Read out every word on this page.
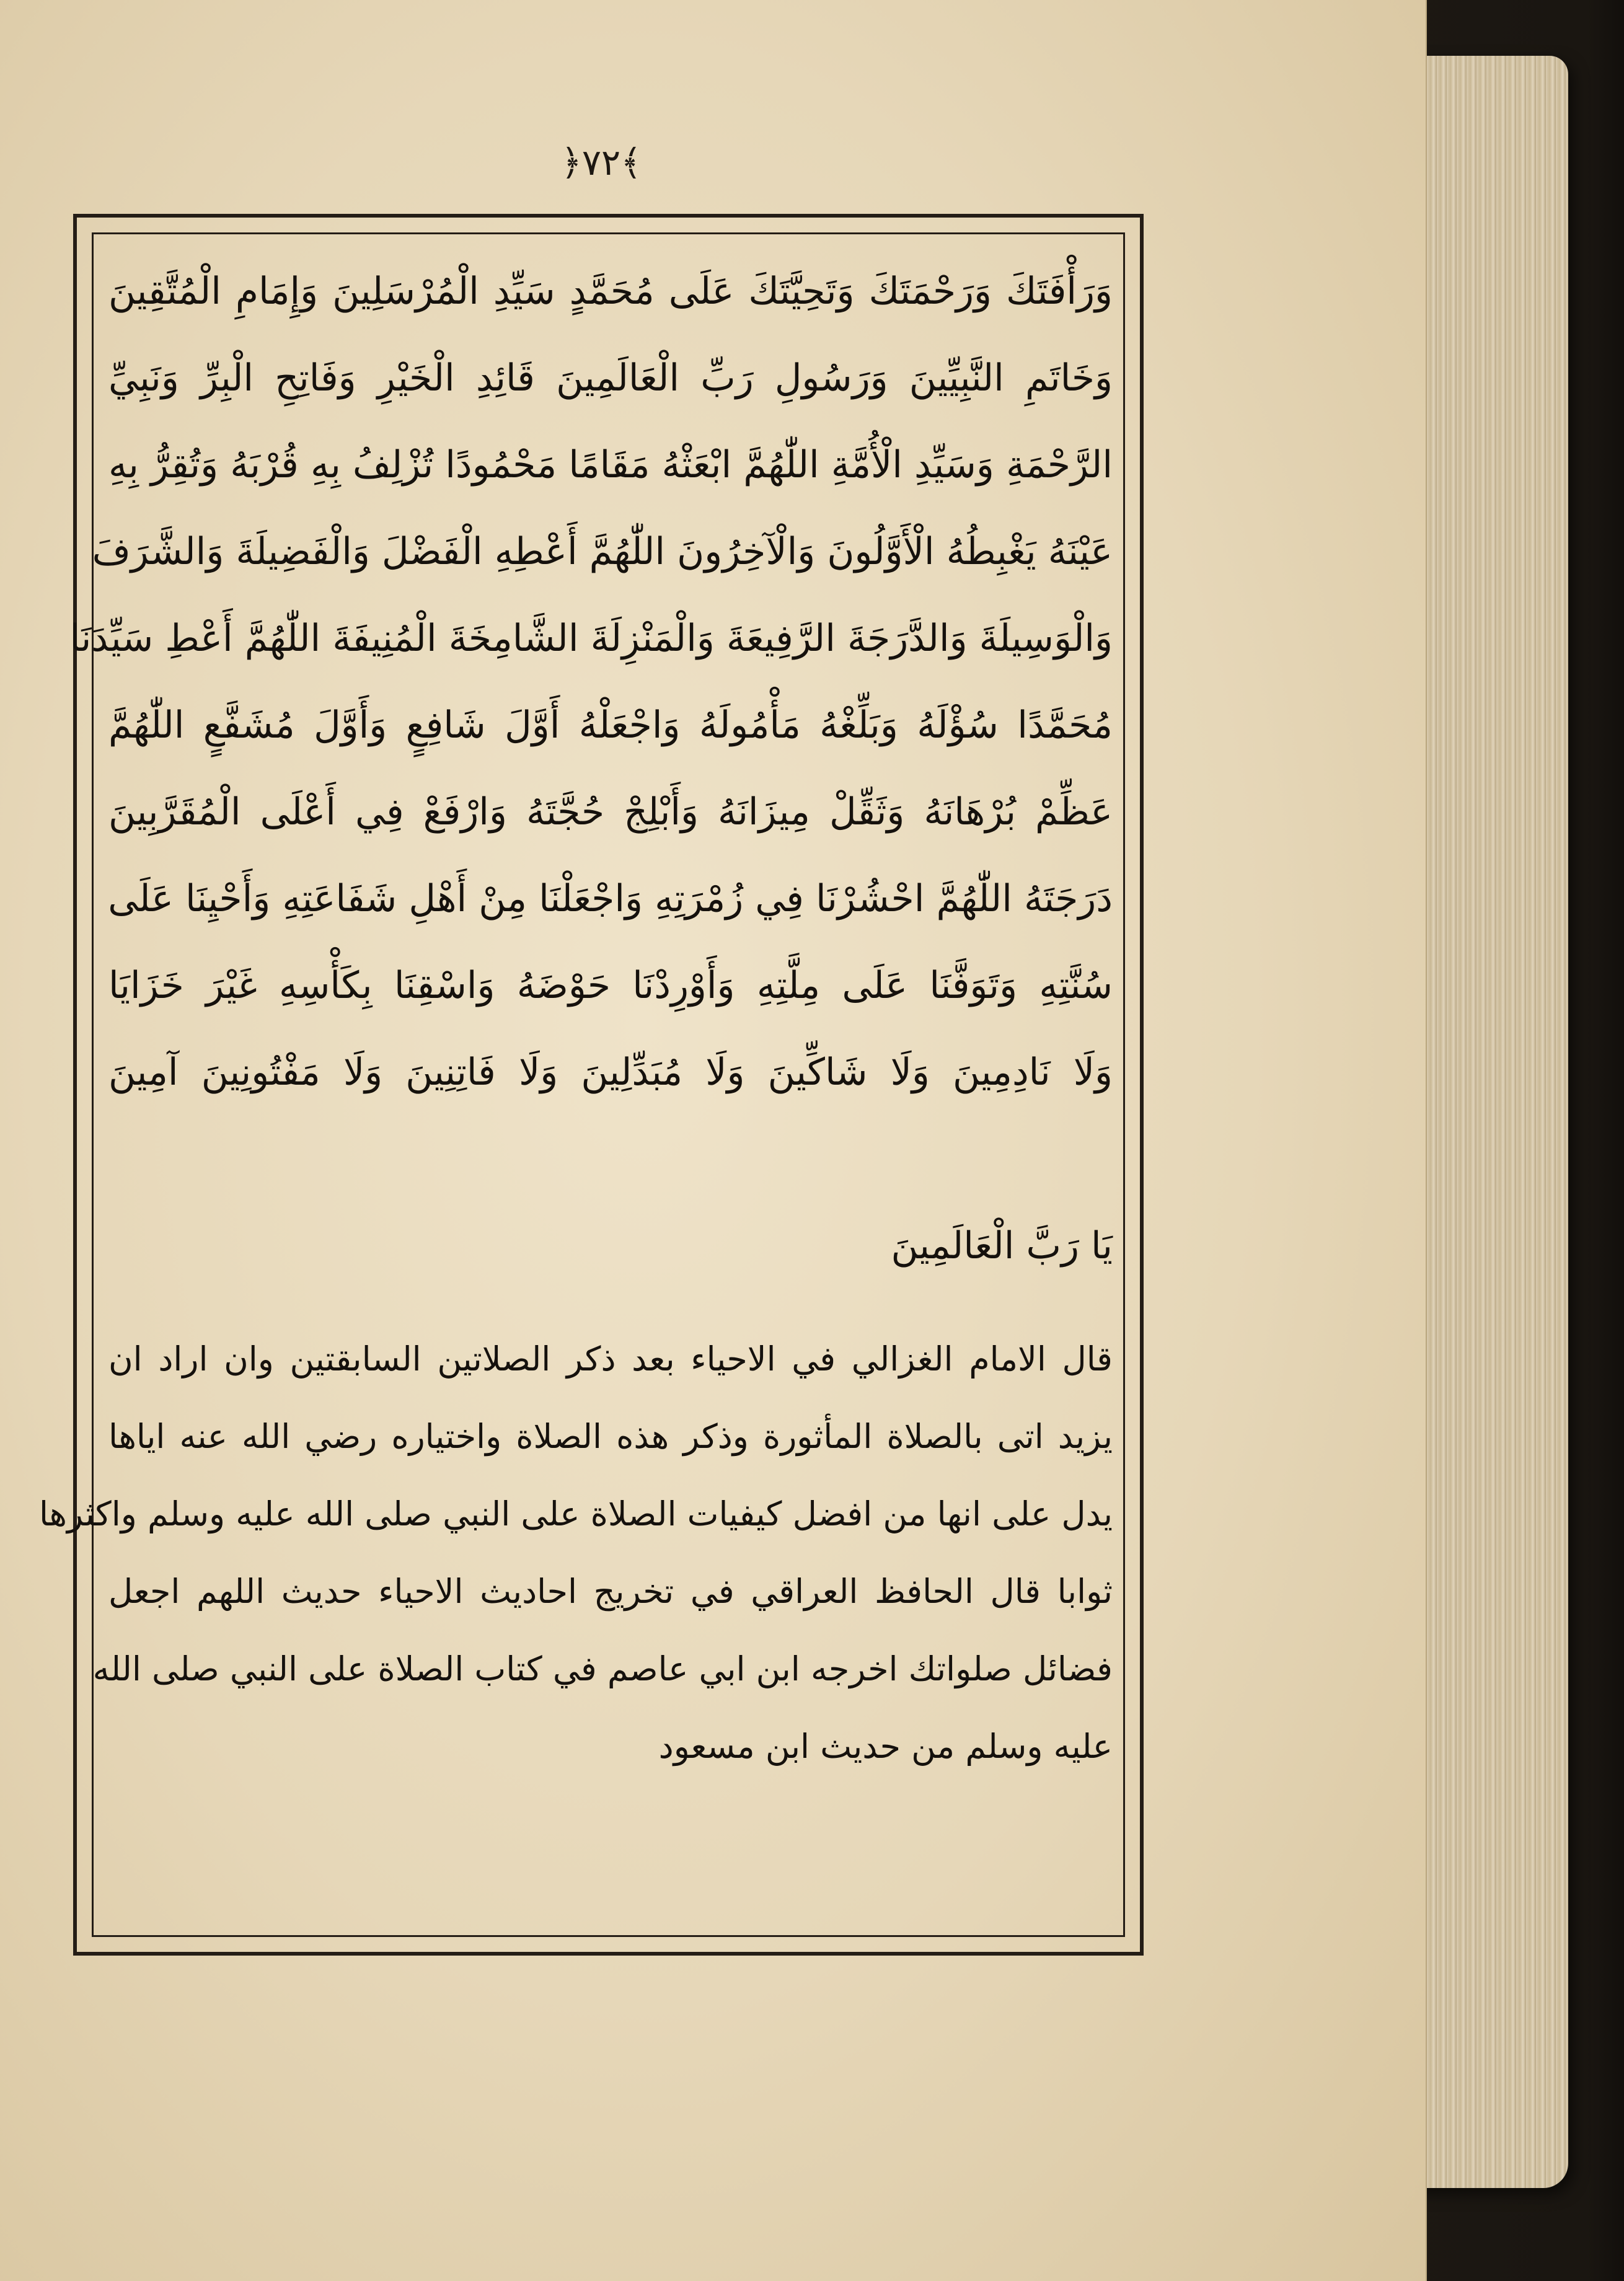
﴿٧٢﴾
وَرَأْفَتَكَ وَرَحْمَتَكَ وَتَحِيَّتَكَ عَلَى مُحَمَّدٍ سَيِّدِ الْمُرْسَلِينَ وَإِمَامِ الْمُتَّقِينَ
وَخَاتَمِ النَّبِيِّينَ وَرَسُولِ رَبِّ الْعَالَمِينَ قَائِدِ الْخَيْرِ وَفَاتِحِ الْبِرِّ وَنَبِيِّ
الرَّحْمَةِ وَسَيِّدِ الْأُمَّةِ اللّٰهُمَّ ابْعَثْهُ مَقَامًا مَحْمُودًا تُزْلِفُ بِهِ قُرْبَهُ وَتُقِرُّ بِهِ
عَيْنَهُ يَغْبِطُهُ الْأَوَّلُونَ وَالْآخِرُونَ اللّٰهُمَّ أَعْطِهِ الْفَضْلَ وَالْفَضِيلَةَ وَالشَّرَفَ
وَالْوَسِيلَةَ وَالدَّرَجَةَ الرَّفِيعَةَ وَالْمَنْزِلَةَ الشَّامِخَةَ الْمُنِيفَةَ اللّٰهُمَّ أَعْطِ سَيِّدَنَا
مُحَمَّدًا سُؤْلَهُ وَبَلِّغْهُ مَأْمُولَهُ وَاجْعَلْهُ أَوَّلَ شَافِعٍ وَأَوَّلَ مُشَفَّعٍ اللّٰهُمَّ
عَظِّمْ بُرْهَانَهُ وَثَقِّلْ مِيزَانَهُ وَأَبْلِجْ حُجَّتَهُ وَارْفَعْ فِي أَعْلَى الْمُقَرَّبِينَ
دَرَجَتَهُ اللّٰهُمَّ احْشُرْنَا فِي زُمْرَتِهِ وَاجْعَلْنَا مِنْ أَهْلِ شَفَاعَتِهِ وَأَحْيِنَا عَلَى
سُنَّتِهِ وَتَوَفَّنَا عَلَى مِلَّتِهِ وَأَوْرِدْنَا حَوْضَهُ وَاسْقِنَا بِكَأْسِهِ غَيْرَ خَزَايَا
وَلَا نَادِمِينَ وَلَا شَاكِّينَ وَلَا مُبَدِّلِينَ وَلَا فَاتِنِينَ وَلَا مَفْتُونِينَ آمِينَ
يَا رَبَّ الْعَالَمِينَ
قال الامام الغزالي في الاحياء بعد ذكر الصلاتين السابقتين وان اراد ان
يزيد اتى بالصلاة المأثورة وذكر هذه الصلاة واختياره رضي الله عنه اياها
يدل على انها من افضل كيفيات الصلاة على النبي صلى الله عليه وسلم واكثرها
ثوابا قال الحافظ العراقي في تخريج احاديث الاحياء حديث اللهم اجعل
فضائل صلواتك اخرجه ابن ابي عاصم في كتاب الصلاة على النبي صلى الله
عليه وسلم من حديث ابن مسعود
